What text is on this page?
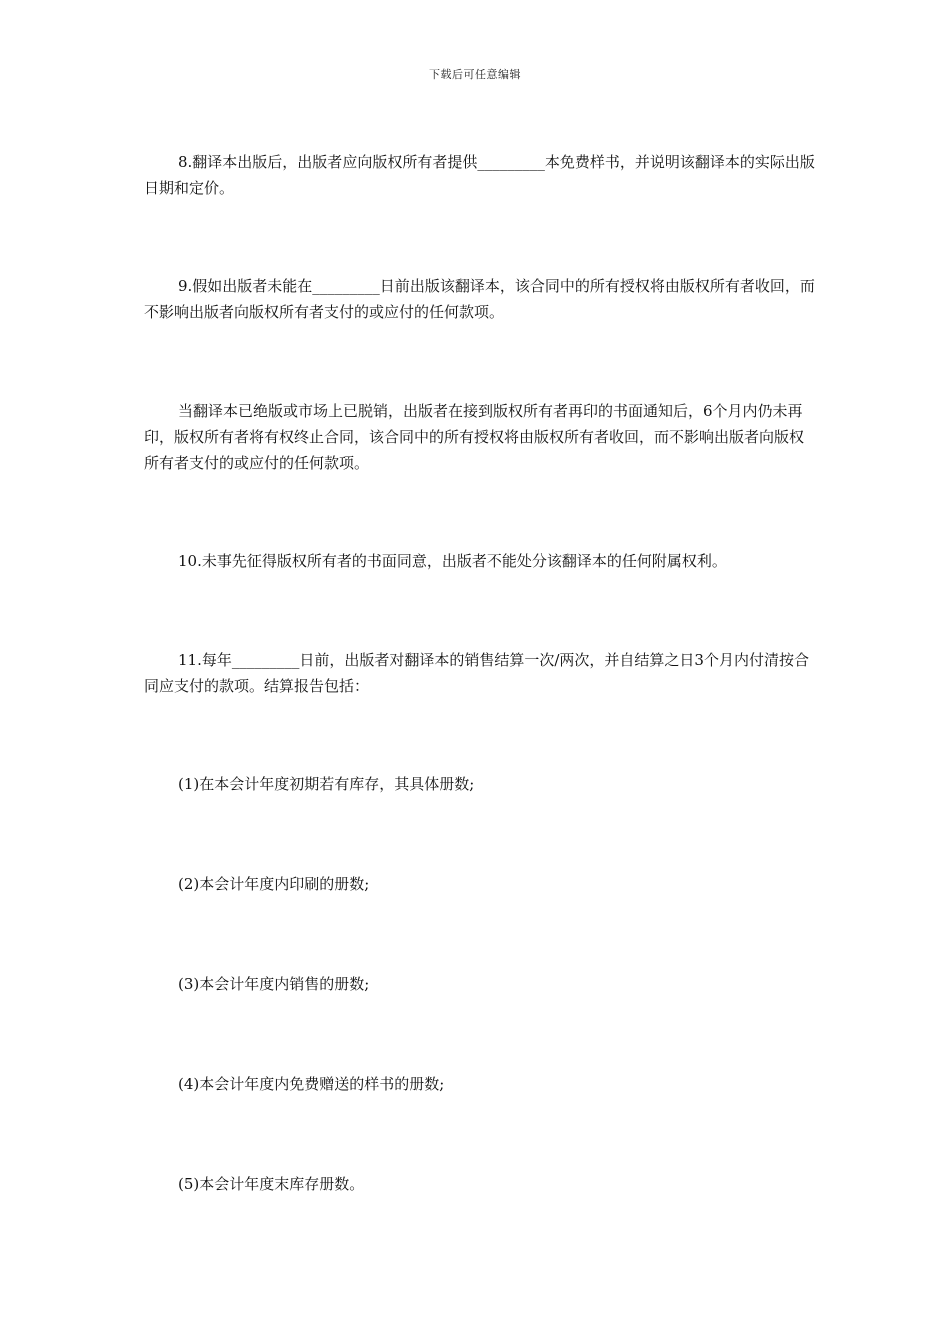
下载后可任意编辑

8.翻译本出版后，出版者应向版权所有者提供_________本免费样书，并说明该翻译本的实际出版日期和定价。

9.假如出版者未能在_________日前出版该翻译本，该合同中的所有授权将由版权所有者收回，而不影响出版者向版权所有者支付的或应付的任何款项。

当翻译本已绝版或市场上已脱销，出版者在接到版权所有者再印的书面通知后，6个月内仍未再印，版权所有者将有权终止合同，该合同中的所有授权将由版权所有者收回，而不影响出版者向版权所有者支付的或应付的任何款项。

10.未事先征得版权所有者的书面同意，出版者不能处分该翻译本的任何附属权利。

11.每年_________日前，出版者对翻译本的销售结算一次/两次，并自结算之日3个月内付清按合同应支付的款项。结算报告包括：

(1)在本会计年度初期若有库存，其具体册数;

(2)本会计年度内印刷的册数;

(3)本会计年度内销售的册数;

(4)本会计年度内免费赠送的样书的册数;

(5)本会计年度末库存册数。
